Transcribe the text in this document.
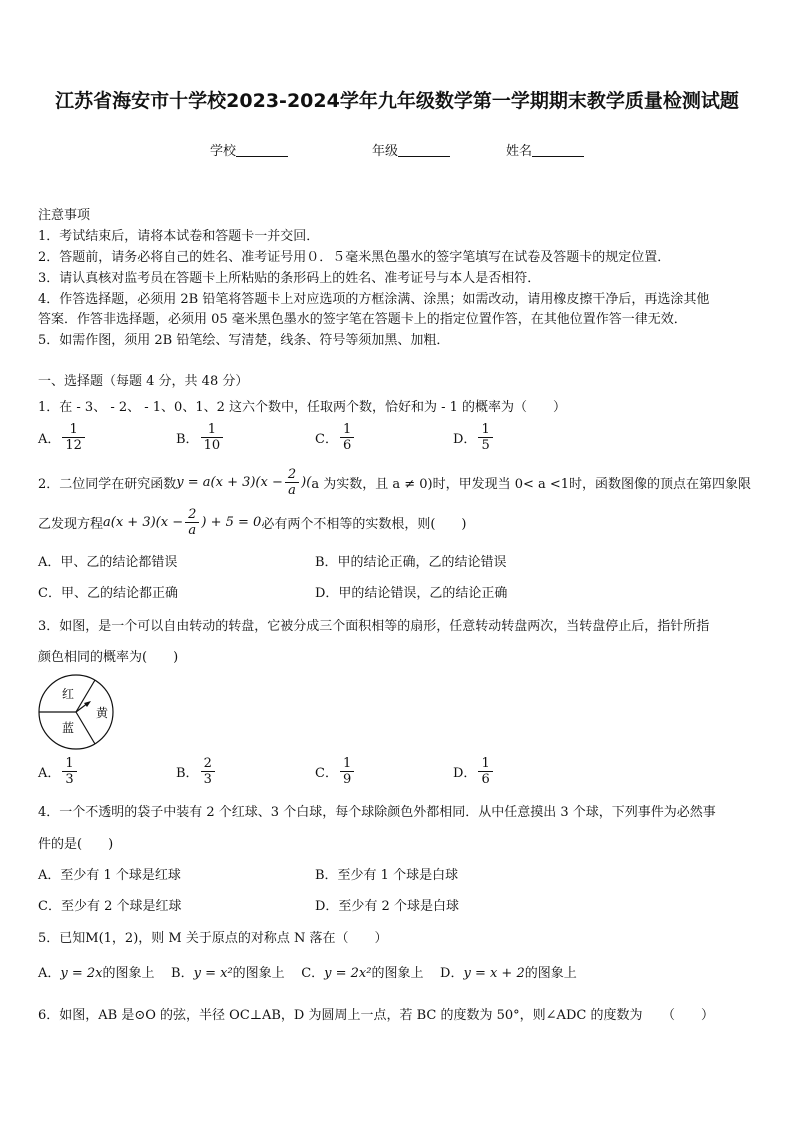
江苏省海安市十学校2023-2024学年九年级数学第一学期期末教学质量检测试题
学校	年级	姓名
注意事项
1．考试结束后，请将本试卷和答题卡一并交回．
2．答题前，请务必将自己的姓名、准考证号用０．５毫米黑色墨水的签字笔填写在试卷及答题卡的规定位置．
3．请认真核对监考员在答题卡上所粘贴的条形码上的姓名、准考证号与本人是否相符．
4．作答选择题，必须用 2B 铅笔将答题卡上对应选项的方框涂满、涂黑；如需改动，请用橡皮擦干净后，再选涂其他
答案．作答非选择题，必须用 05 毫米黑色墨水的签字笔在答题卡上的指定位置作答，在其他位置作答一律无效．
5．如需作图，须用 2B 铅笔绘、写清楚，线条、符号等须加黑、加粗．
一、选择题（每题 4 分，共 48 分）
1．在 - 3、 - 2、 - 1、0、1、2 这六个数中，任取两个数，恰好和为 - 1 的概率为（　　）
A． $\frac{1}{12}$	B． $\frac{1}{10}$	C． $\frac{1}{6}$	D． $\frac{1}{5}$
2．二位同学在研究函数 $y = a(x + 3)(x - \frac{2}{a}$ )( a 为实数，且 a ≠ 0)时，甲发现当 0< a <1时，函数图像的顶点在第四象限
乙发现方程 $a(x + 3)(x - \frac{2}{a}$ ) + 5 = 0 必有两个不相等的实数根，则(　　)
A．甲、乙的结论都错误	B．甲的结论正确，乙的结论错误
C．甲、乙的结论都正确	D．甲的结论错误，乙的结论正确
3．如图，是一个可以自由转动的转盘，它被分成三个面积相等的扇形，任意转动转盘两次，当转盘停止后，指针所指
颜色相同的概率为(　　)
红
黄
蓝
A． $\frac{1}{3}$	B． $\frac{2}{3}$	C． $\frac{1}{9}$	D． $\frac{1}{6}$
4．一个不透明的袋子中装有 2 个红球、3 个白球，每个球除颜色外都相同．从中任意摸出 3 个球，下列事件为必然事
件的是(　　)
A．至少有 1 个球是红球	B．至少有 1 个球是白球
C．至少有 2 个球是红球	D．至少有 2 个球是白球
5．已知M(1，2)，则 M 关于原点的对称点 N 落在（　　）
A．y = 2x的图象上 B．y = x²的图象上 C．y = 2x²的图象上 D．y = x + 2的图象上
6．如图，AB 是⊙O 的弦，半径 OC⊥AB，D 为圆周上一点，若 BC 的度数为 50°，则∠ADC 的度数为　　（　　）
